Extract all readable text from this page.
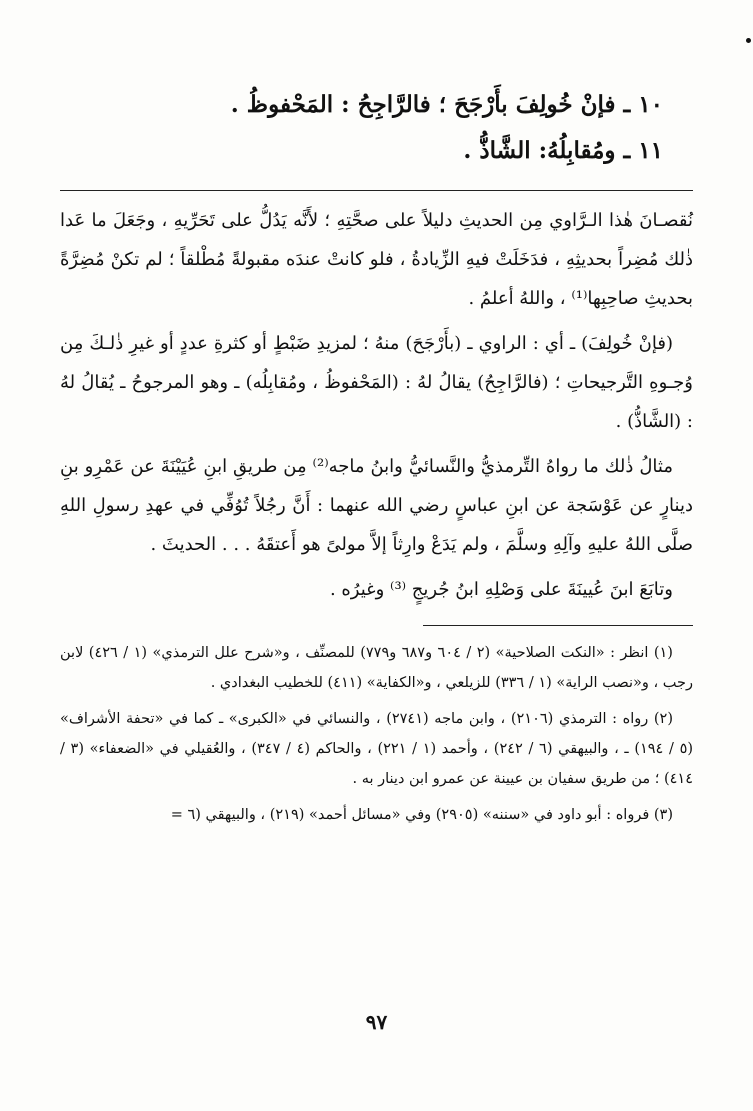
١٠ ـ فإنْ خُولِفَ بأَرْجَحَ ؛ فالرَّاجِحُ : المَحْفوظُ .
١١ ـ ومُقابِلُهُ: الشَّاذُّ .

نُقصـانَ هٰذا الـرَّاوي مِن الحديثِ دليلاً على صحَّتِهِ ؛ لأَنَّه يَدُلُّ على تَحَرِّيهِ ، وجَعَلَ ما عَدا ذٰلك مُضِراً بحديثِهِ ، فدَخَلَتْ فيهِ الزِّيادةُ ، فلو كانتْ عندَه مقبولةً مُطْلقاً ؛ لم تكنْ مُضِرَّةً بحديثِ صاحِبِها⁽¹⁾ ، واللهُ أعلمُ .

(فإنْ خُولِفَ) ـ أي : الراوي ـ (بأَرْجَحَ) منهُ ؛ لمزيدِ ضَبْطٍ أو كثرةِ عددٍ أو غيرِ ذٰلـكَ مِن وُجـوهِ التَّرجيحاتِ ؛ (فالرَّاجِحُ) يقالُ لهُ : (المَحْفوظُ ، ومُقابِلُه) ـ وهو المرجوحُ ـ يُقالُ لهُ : (الشَّاذُّ) .

مثالُ ذٰلك ما رواهُ التِّرمذيُّ والنَّسائيُّ وابنُ ماجه⁽²⁾ مِن طريقِ ابنِ عُيَيْنَةَ عن عَمْرِو بنِ دينارٍ عن عَوْسَجة عن ابنِ عباسٍ رضي الله عنهما : أَنَّ رجُلاً تُوُفِّي في عهدِ رسولِ اللهِ صلَّى اللهُ عليهِ وآلِهِ وسلَّمَ ، ولم يَدَعْ وارِثاً إلاَّ مولىً هو أَعتقَهُ . . . الحديثَ .

وتابَعَ ابنَ عُيينَةَ على وَصْلِهِ ابنُ جُريجٍ ⁽³⁾ وغيرُه .

(١) انظر : «النكت الصلاحية» (٢ / ٦٠٤ و٦٨٧ و٧٧٩) للمصنِّف ، و«شرح علل الترمذي» (١ / ٤٢٦) لابن رجب ، و«نصب الراية» (١ / ٣٣٦) للزيلعي ، و«الكفاية» (٤١١) للخطيب البغدادي .

(٢) رواه : الترمذي (٢١٠٦) ، وابن ماجه (٢٧٤١) ، والنسائي في «الكبرى» ـ كما في «تحفة الأشراف» (٥ / ١٩٤) ـ ، والبيهقي (٦ / ٢٤٢) ، وأحمد (١ / ٢٢١) ، والحاكم (٤ / ٣٤٧) ، والعُقيلي في «الضعفاء» (٣ / ٤١٤) ؛ من طريق سفيان بن عيينة عن عمرو ابن دينار به .

(٣) فرواه : أبو داود في «سننه» (٢٩٠٥) وفي «مسائل أحمد» (٢١٩) ، والبيهقي (٦ =

٩٧
